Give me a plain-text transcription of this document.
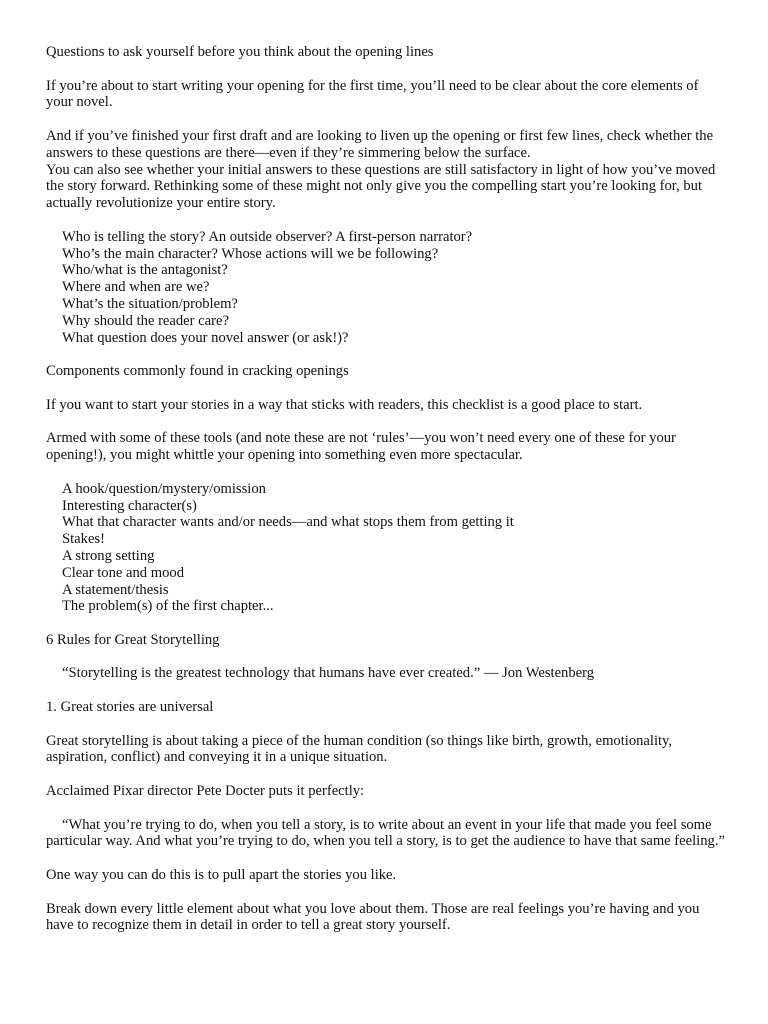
Questions to ask yourself before you think about the opening lines

If you’re about to start writing your opening for the first time, you’ll need to be clear about the core elements of your novel.

And if you’ve finished your first draft and are looking to liven up the opening or first few lines, check whether the answers to these questions are there—even if they’re simmering below the surface.

You can also see whether your initial answers to these questions are still satisfactory in light of how you’ve moved the story forward. Rethinking some of these might not only give you the compelling start you’re looking for, but actually revolutionize your entire story.

Who is telling the story? An outside observer? A first-person narrator?

Who’s the main character? Whose actions will we be following?

Who/what is the antagonist?

Where and when are we?

What’s the situation/problem?

Why should the reader care?

What question does your novel answer (or ask!)?

Components commonly found in cracking openings

If you want to start your stories in a way that sticks with readers, this checklist is a good place to start.

Armed with some of these tools (and note these are not ‘rules’—you won’t need every one of these for your opening!), you might whittle your opening into something even more spectacular.

A hook/question/mystery/omission

Interesting character(s)

What that character wants and/or needs—and what stops them from getting it

Stakes!

A strong setting

Clear tone and mood

A statement/thesis

The problem(s) of the first chapter...

6 Rules for Great Storytelling

“Storytelling is the greatest technology that humans have ever created.” — Jon Westenberg

1. Great stories are universal

Great storytelling is about taking a piece of the human condition (so things like birth, growth, emotionality, aspiration, conflict) and conveying it in a unique situation.

Acclaimed Pixar director Pete Docter puts it perfectly:

“What you’re trying to do, when you tell a story, is to write about an event in your life that made you feel some particular way. And what you’re trying to do, when you tell a story, is to get the audience to have that same feeling.”

One way you can do this is to pull apart the stories you like.

Break down every little element about what you love about them. Those are real feelings you’re having and you have to recognize them in detail in order to tell a great story yourself.
